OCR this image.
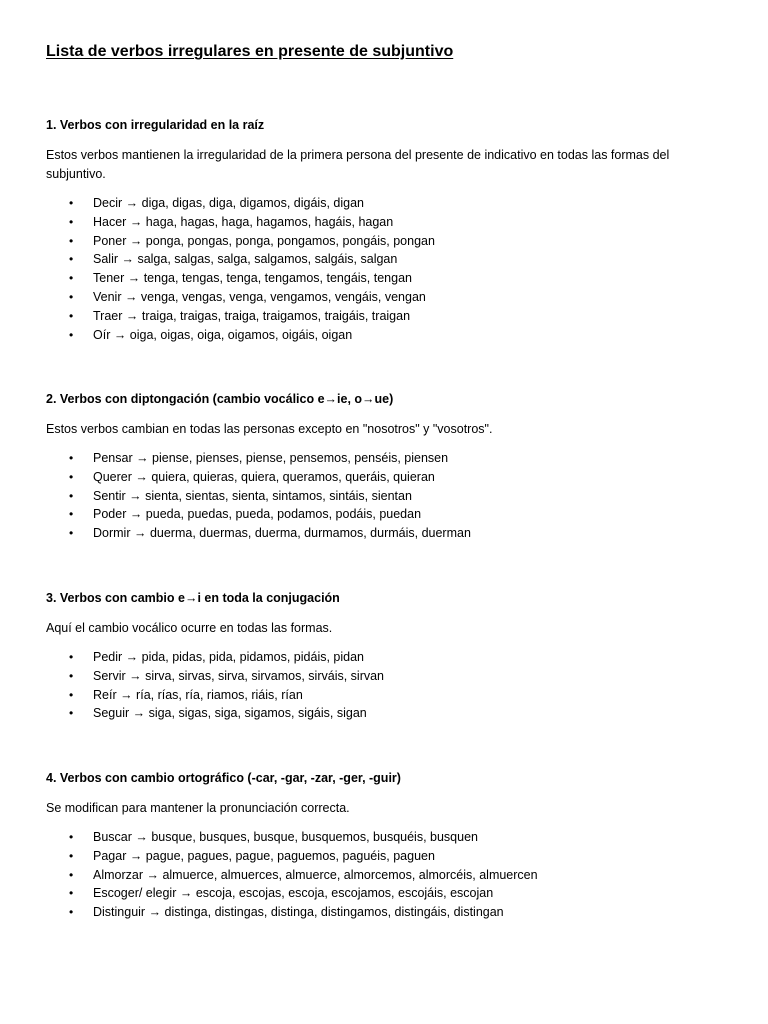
Lista de verbos irregulares en presente de subjuntivo

1. Verbos con irregularidad en la raíz

Estos verbos mantienen la irregularidad de la primera persona del presente de indicativo en todas las formas del subjuntivo.

• Decir → diga, digas, diga, digamos, digáis, digan
• Hacer → haga, hagas, haga, hagamos, hagáis, hagan
• Poner → ponga, pongas, ponga, pongamos, pongáis, pongan
• Salir → salga, salgas, salga, salgamos, salgáis, salgan
• Tener → tenga, tengas, tenga, tengamos, tengáis, tengan
• Venir → venga, vengas, venga, vengamos, vengáis, vengan
• Traer → traiga, traigas, traiga, traigamos, traigáis, traigan
• Oír → oiga, oigas, oiga, oigamos, oigáis, oigan

2. Verbos con diptongación (cambio vocálico e→ie, o→ue)

Estos verbos cambian en todas las personas excepto en "nosotros" y "vosotros".

• Pensar → piense, pienses, piense, pensemos, penséis, piensen
• Querer → quiera, quieras, quiera, queramos, queráis, quieran
• Sentir → sienta, sientas, sienta, sintamos, sintáis, sientan
• Poder → pueda, puedas, pueda, podamos, podáis, puedan
• Dormir → duerma, duermas, duerma, durmamos, durmáis, duerman

3. Verbos con cambio e→i en toda la conjugación

Aquí el cambio vocálico ocurre en todas las formas.

• Pedir → pida, pidas, pida, pidamos, pidáis, pidan
• Servir → sirva, sirvas, sirva, sirvamos, sirváis, sirvan
• Reír → ría, rías, ría, riamos, riáis, rían
• Seguir → siga, sigas, siga, sigamos, sigáis, sigan

4. Verbos con cambio ortográfico (-car, -gar, -zar, -ger, -guir)

Se modifican para mantener la pronunciación correcta.

• Buscar → busque, busques, busque, busquemos, busquéis, busquen
• Pagar → pague, pagues, pague, paguemos, paguéis, paguen
• Almorzar → almuerce, almuerces, almuerce, almorcemos, almorcéis, almuercen
• Escoger/ elegir → escoja, escojas, escoja, escojamos, escojáis, escojan
• Distinguir → distinga, distingas, distinga, distingamos, distingáis, distingan
